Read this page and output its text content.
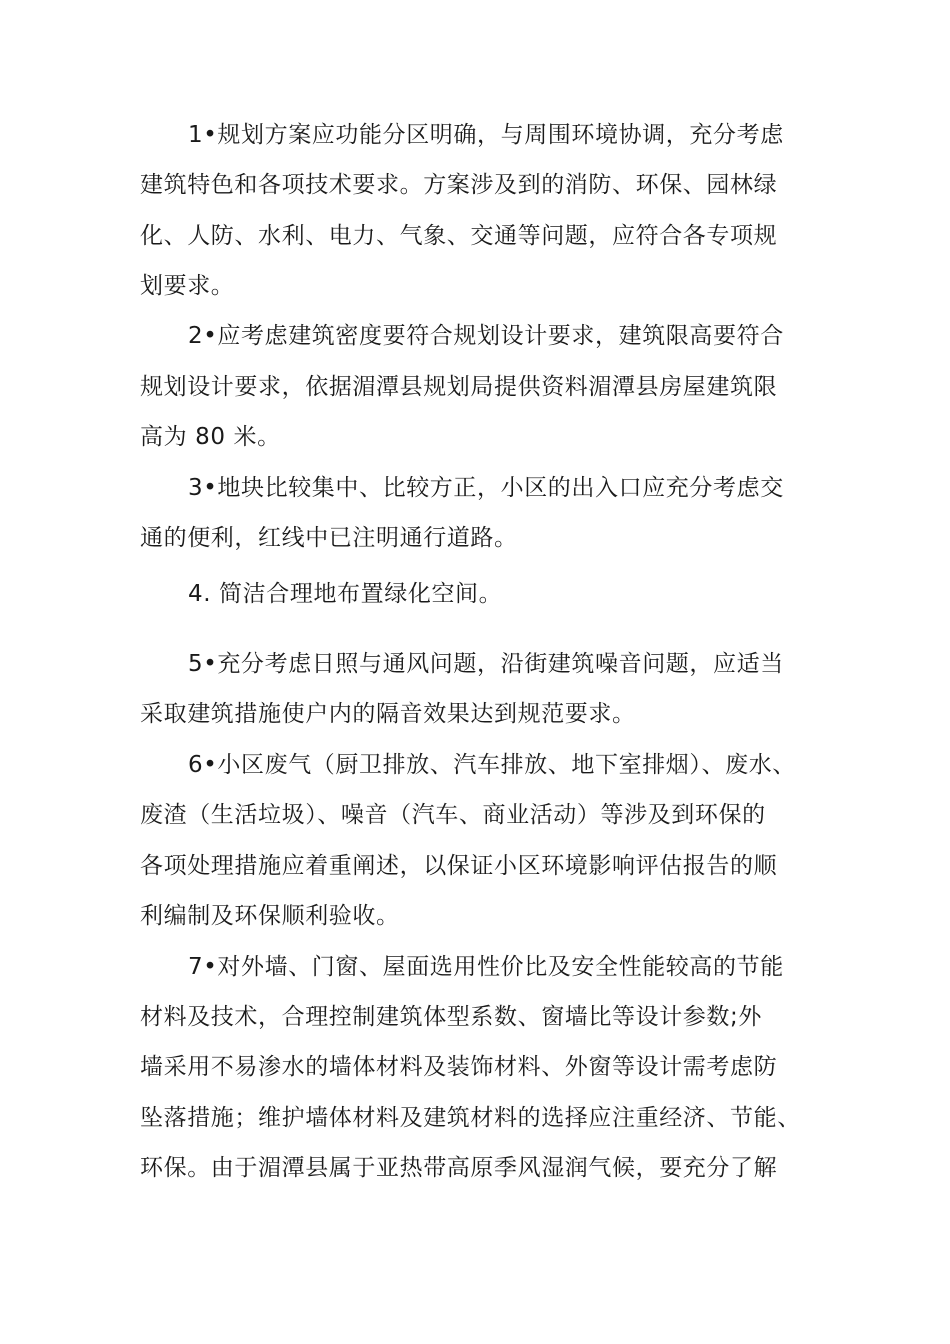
1•规划方案应功能分区明确，与周围环境协调，充分考虑
建筑特色和各项技术要求。方案涉及到的消防、环保、园林绿
化、人防、水利、电力、气象、交通等问题，应符合各专项规
划要求。
2•应考虑建筑密度要符合规划设计要求，建筑限高要符合
规划设计要求，依据湄潭县规划局提供资料湄潭县房屋建筑限
高为 80 米。
3•地块比较集中、比较方正，小区的出入口应充分考虑交
通的便利，红线中已注明通行道路。
4. 简洁合理地布置绿化空间。
5•充分考虑日照与通风问题，沿街建筑噪音问题，应适当
采取建筑措施使户内的隔音效果达到规范要求。
6•小区废气（厨卫排放、汽车排放、地下室排烟）、废水、
废渣（生活垃圾）、噪音（汽车、商业活动）等涉及到环保的
各项处理措施应着重阐述，以保证小区环境影响评估报告的顺
利编制及环保顺利验收。
7•对外墙、门窗、屋面选用性价比及安全性能较高的节能
材料及技术，合理控制建筑体型系数、窗墙比等设计参数;外
墙采用不易渗水的墙体材料及装饰材料、外窗等设计需考虑防
坠落措施；维护墙体材料及建筑材料的选择应注重经济、节能、
环保。由于湄潭县属于亚热带高原季风湿润气候，要充分了解
